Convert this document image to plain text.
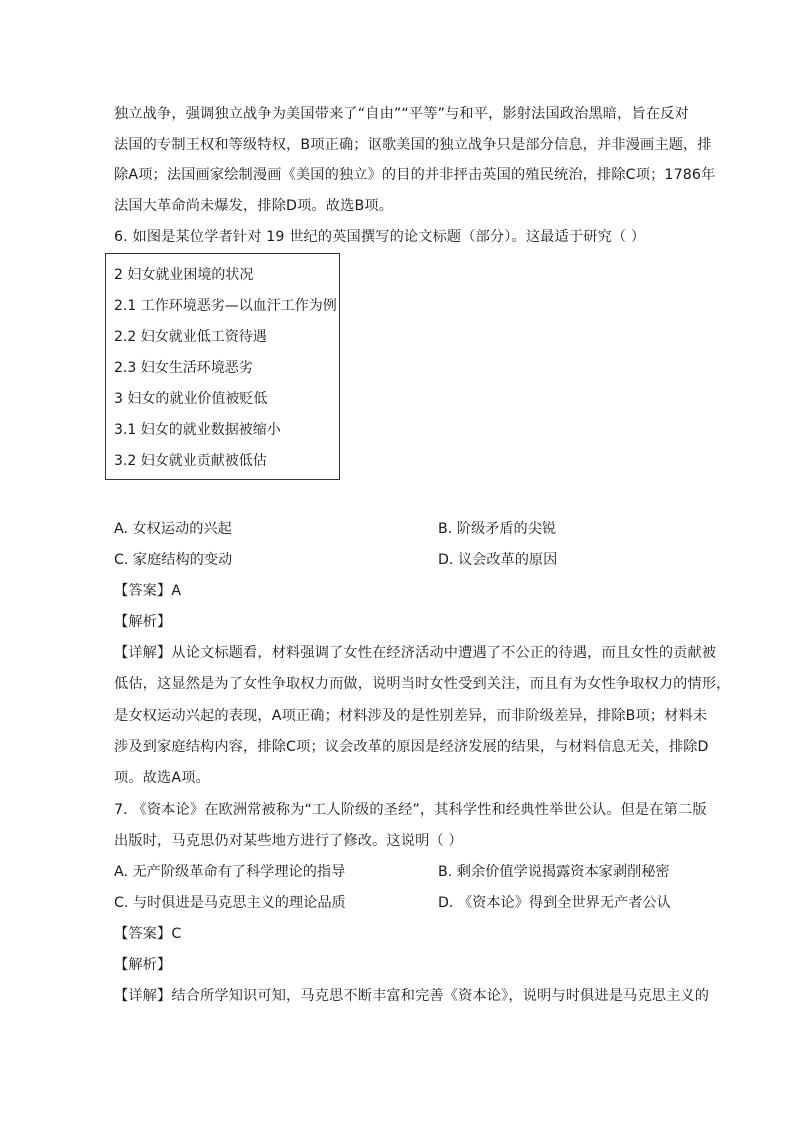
独立战争，强调独立战争为美国带来了“自由”“平等”与和平，影射法国政治黑暗，旨在反对
法国的专制王权和等级特权，B项正确；讴歌美国的独立战争只是部分信息，并非漫画主题，排
除A项；法国画家绘制漫画《美国的独立》的目的并非抨击英国的殖民统治，排除C项；1786年
法国大革命尚未爆发，排除D项。故选B项。
6. 如图是某位学者针对 19 世纪的英国撰写的论文标题（部分）。这最适于研究（ ）
2 妇女就业困境的状况
2.1 工作环境恶劣—以血汗工作为例
2.2 妇女就业低工资待遇
2.3 妇女生活环境恶劣
3 妇女的就业价值被贬低
3.1 妇女的就业数据被缩小
3.2 妇女就业贡献被低估
A. 女权运动的兴起	B. 阶级矛盾的尖锐
C. 家庭结构的变动	D. 议会改革的原因
【答案】A
【解析】
【详解】从论文标题看，材料强调了女性在经济活动中遭遇了不公正的待遇，而且女性的贡献被
低估，这显然是为了女性争取权力而做，说明当时女性受到关注，而且有为女性争取权力的情形，
是女权运动兴起的表现，A项正确；材料涉及的是性别差异，而非阶级差异，排除B项；材料未
涉及到家庭结构内容，排除C项；议会改革的原因是经济发展的结果，与材料信息无关，排除D
项。故选A项。
7. 《资本论》在欧洲常被称为“工人阶级的圣经”，其科学性和经典性举世公认。但是在第二版
出版时，马克思仍对某些地方进行了修改。这说明（ ）
A. 无产阶级革命有了科学理论的指导	B. 剩余价值学说揭露资本家剥削秘密
C. 与时俱进是马克思主义的理论品质	D. 《资本论》得到全世界无产者公认
【答案】C
【解析】
【详解】结合所学知识可知，马克思不断丰富和完善《资本论》，说明与时俱进是马克思主义的
